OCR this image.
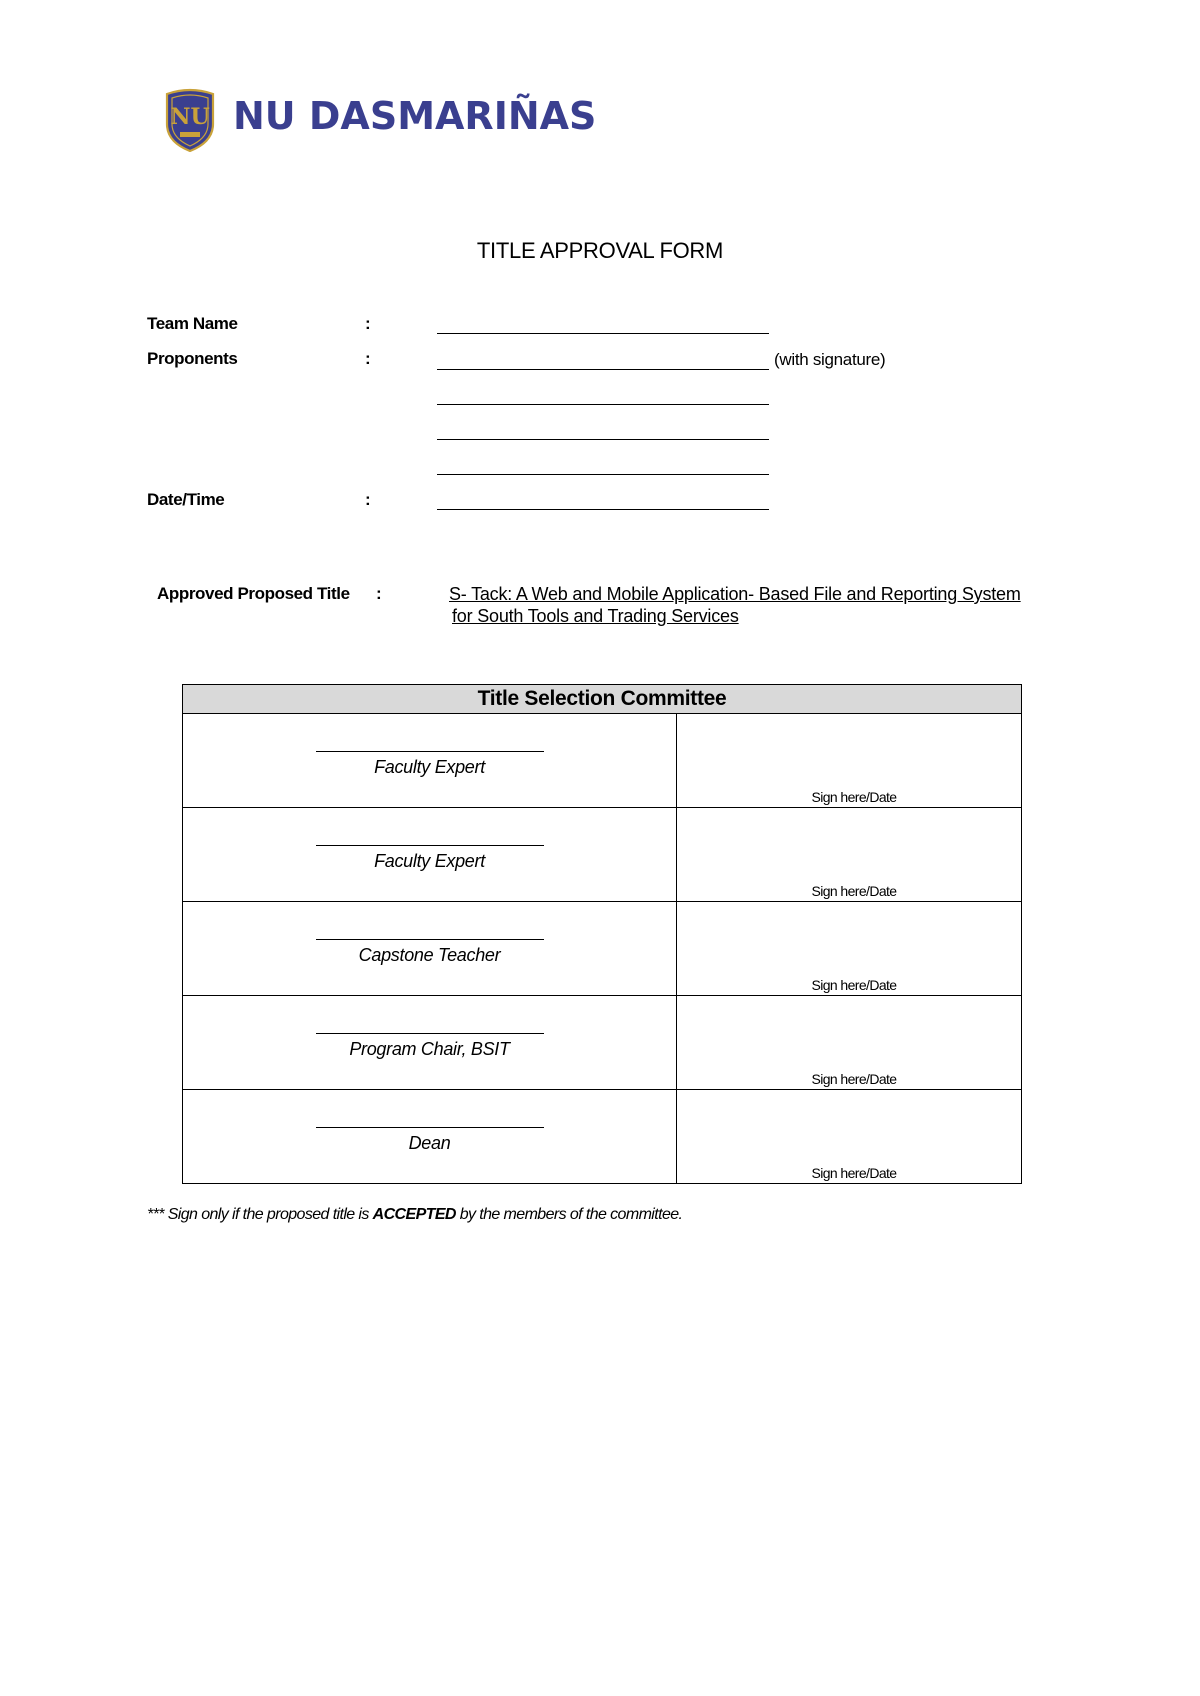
NU NU DASMARIÑAS
TITLE APPROVAL FORM
Team Name	:
Proponents	:	(with signature)
Date/Time	:
Approved Proposed Title :	S- Tack: A Web and Mobile Application- Based File and Reporting System
for South Tools and Trading Services
Title Selection Committee	

Faculty Expert	Sign here/Date

Faculty Expert	Sign here/Date

Capstone Teacher	Sign here/Date

Program Chair, BSIT	Sign here/Date

Dean	Sign here/Date
*** Sign only if the proposed title is ACCEPTED by the members of the committee.
